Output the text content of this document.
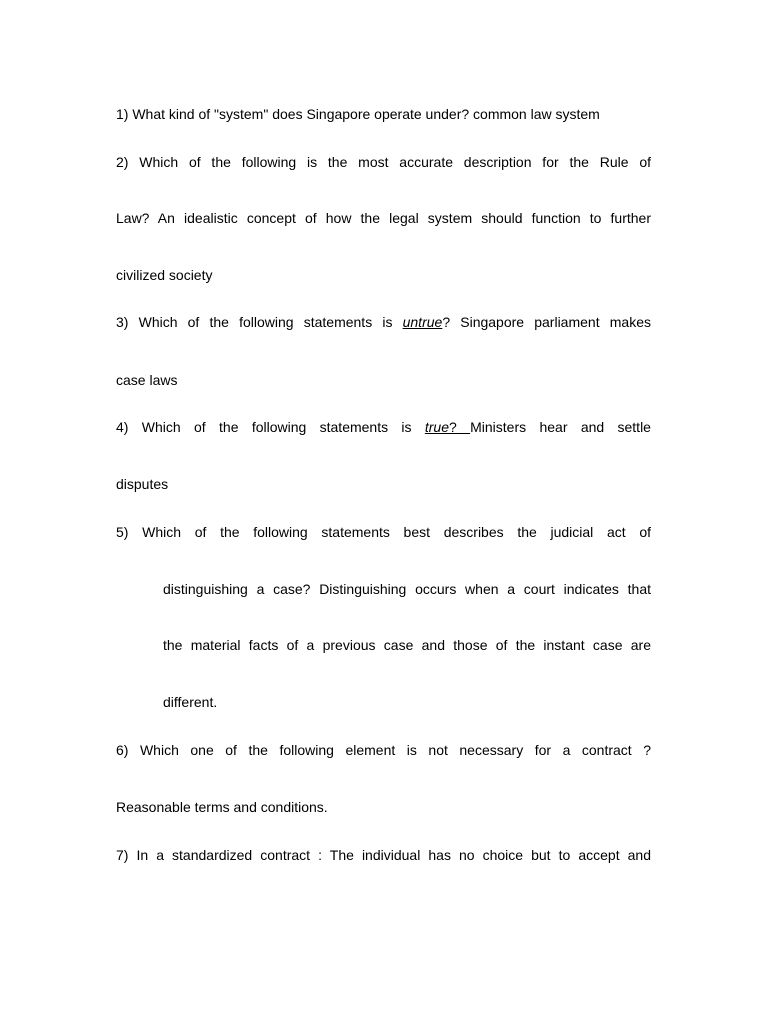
1) What kind of "system" does Singapore operate under? common law system
2) Which of the following is the most accurate description for the Rule of
Law? An idealistic concept of how the legal system should function to further
civilized society
3) Which of the following statements is untrue? Singapore parliament makes
case laws
4) Which of the following statements is true? Ministers hear and settle
disputes
5) Which of the following statements best describes the judicial act of
distinguishing a case? Distinguishing occurs when a court indicates that
the material facts of a previous case and those of the instant case are
different.
6) Which one of the following element is not necessary for a contract ?
Reasonable terms and conditions.
7) In a standardized contract : The individual has no choice but to accept and
